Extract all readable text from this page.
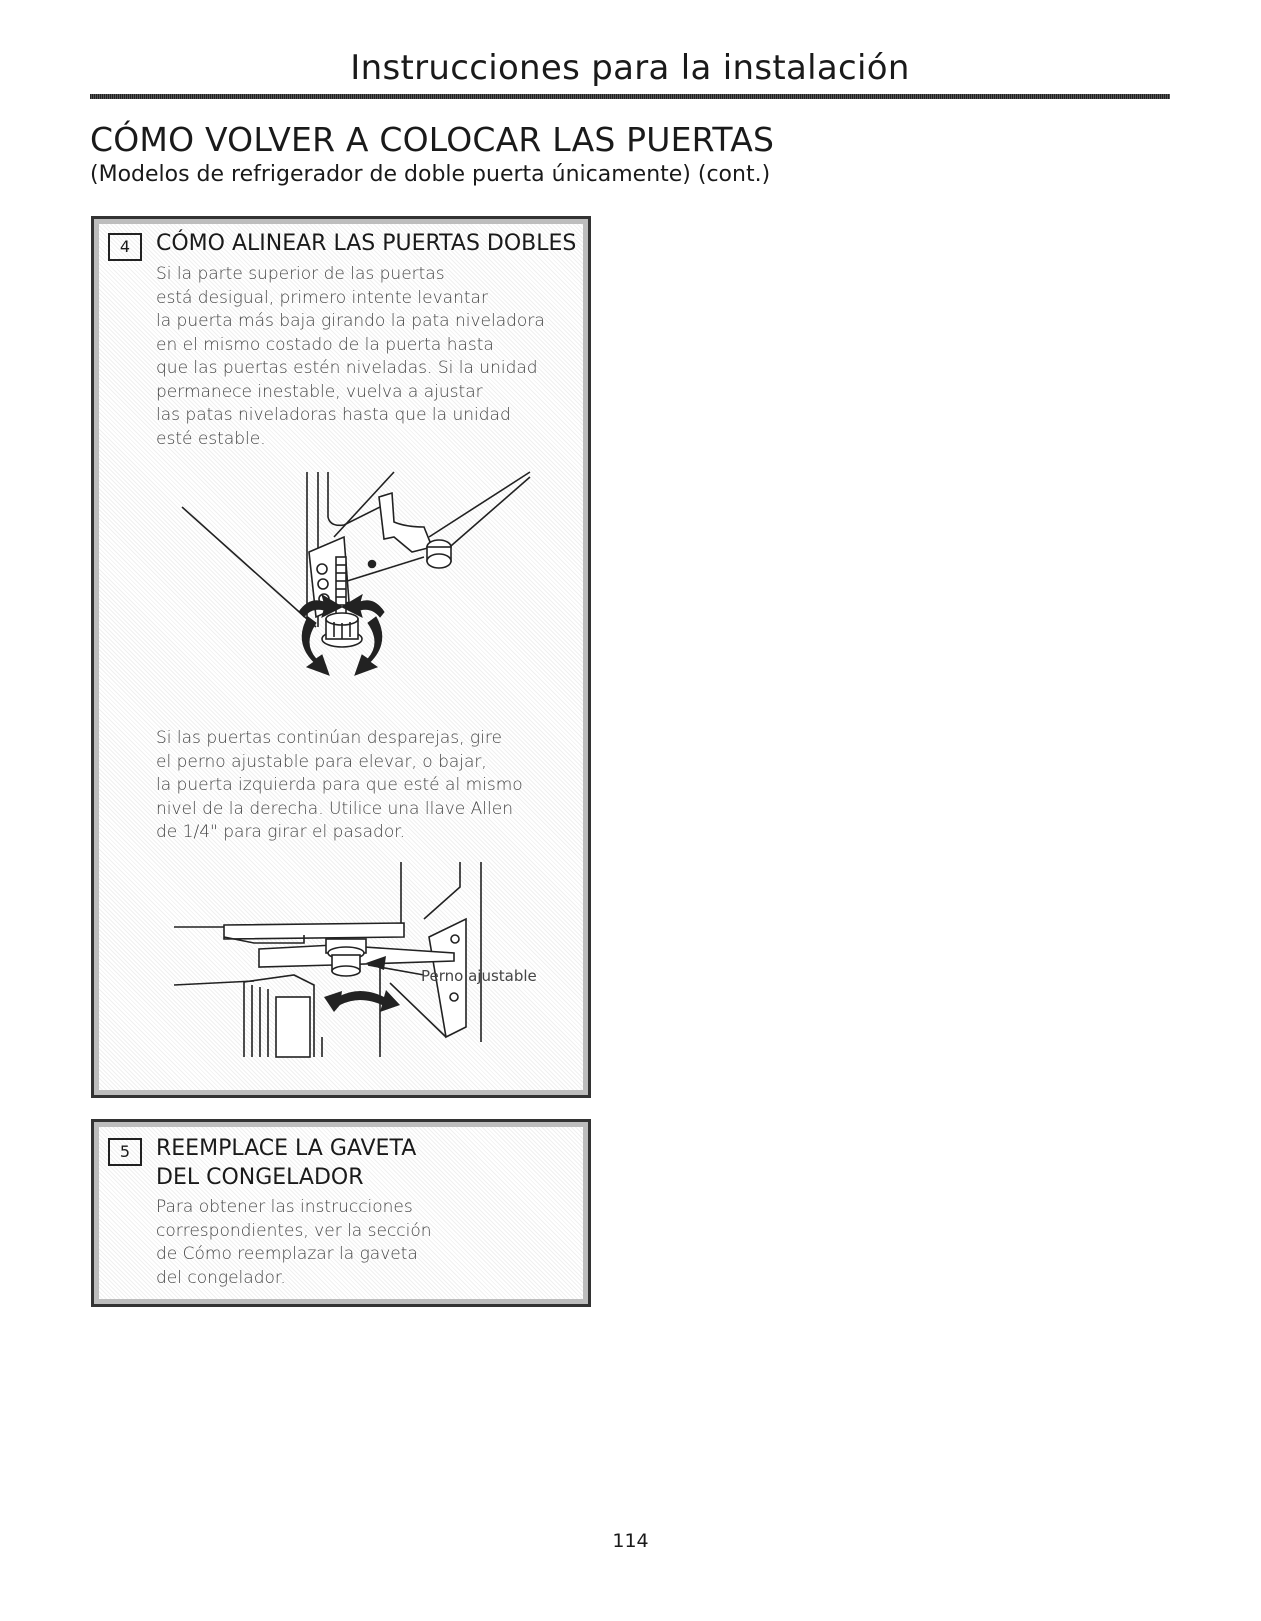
Instrucciones para la instalación
CÓMO VOLVER A COLOCAR LAS PUERTAS
(Modelos de refrigerador de doble puerta únicamente) (cont.)
4	CÓMO ALINEAR LAS PUERTAS DOBLES
Si la parte superior de las puertas
está desigual, primero intente levantar
la puerta más baja girando la pata niveladora
en el mismo costado de la puerta hasta
que las puertas estén niveladas. Si la unidad
permanece inestable, vuelva a ajustar
las patas niveladoras hasta que la unidad
esté estable.
Si las puertas continúan desparejas, gire
el perno ajustable para elevar, o bajar,
la puerta izquierda para que esté al mismo
nivel de la derecha. Utilice una llave Allen
de 1/4" para girar el pasador.
Perno ajustable
5	REEMPLACE LA GAVETA
DEL CONGELADOR
Para obtener las instrucciones
correspondientes, ver la sección
de Cómo reemplazar la gaveta
del congelador.
114
